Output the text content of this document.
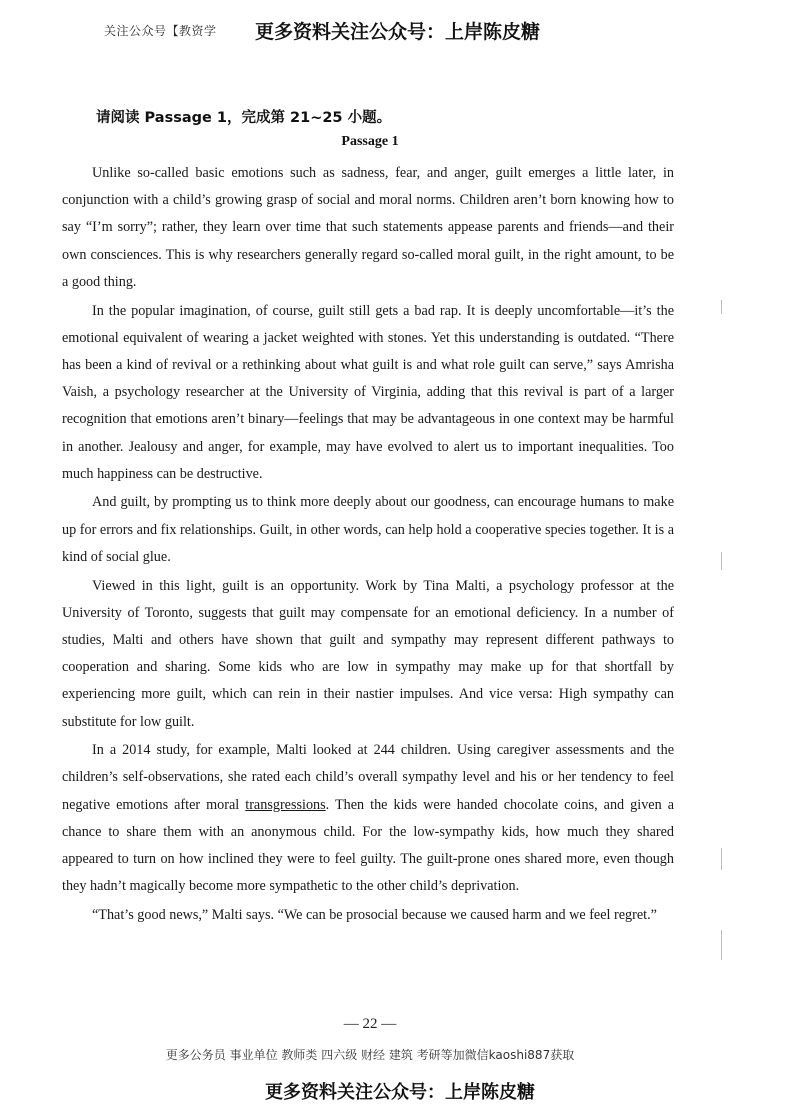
关注公众号【教资学 更多资料关注公众号：上岸陈皮糖
请阅读 Passage 1，完成第 21~25 小题。
Passage 1

Unlike so-called basic emotions such as sadness, fear, and anger, guilt emerges a little later, in conjunction with a child’s growing grasp of social and moral norms. Children aren’t born knowing how to say “I’m sorry”; rather, they learn over time that such statements appease parents and friends—and their own consciences. This is why researchers generally regard so-called moral guilt, in the right amount, to be a good thing.

In the popular imagination, of course, guilt still gets a bad rap. It is deeply uncomfortable—it’s the emotional equivalent of wearing a jacket weighted with stones. Yet this understanding is outdated. “There has been a kind of revival or a rethinking about what guilt is and what role guilt can serve,” says Amrisha Vaish, a psychology researcher at the University of Virginia, adding that this revival is part of a larger recognition that emotions aren’t binary—feelings that may be advantageous in one context may be harmful in another. Jealousy and anger, for example, may have evolved to alert us to important inequalities. Too much happiness can be destructive.

And guilt, by prompting us to think more deeply about our goodness, can encourage humans to make up for errors and fix relationships. Guilt, in other words, can help hold a cooperative species together. It is a kind of social glue.

Viewed in this light, guilt is an opportunity. Work by Tina Malti, a psychology professor at the University of Toronto, suggests that guilt may compensate for an emotional deficiency. In a number of studies, Malti and others have shown that guilt and sympathy may represent different pathways to cooperation and sharing. Some kids who are low in sympathy may make up for that shortfall by experiencing more guilt, which can rein in their nastier impulses. And vice versa: High sympathy can substitute for low guilt.

In a 2014 study, for example, Malti looked at 244 children. Using caregiver assessments and the children’s self-observations, she rated each child’s overall sympathy level and his or her tendency to feel negative emotions after moral transgressions. Then the kids were handed chocolate coins, and given a chance to share them with an anonymous child. For the low-sympathy kids, how much they shared appeared to turn on how inclined they were to feel guilty. The guilt-prone ones shared more, even though they hadn’t magically become more sympathetic to the other child’s deprivation.

“That’s good news,” Malti says. “We can be prosocial because we caused harm and we feel regret.”

— 22 —
更多公务员 事业单位 教师类 四六级 财经 建筑 考研等加微信kaoshi887获取
更多资料关注公众号：上岸陈皮糖
